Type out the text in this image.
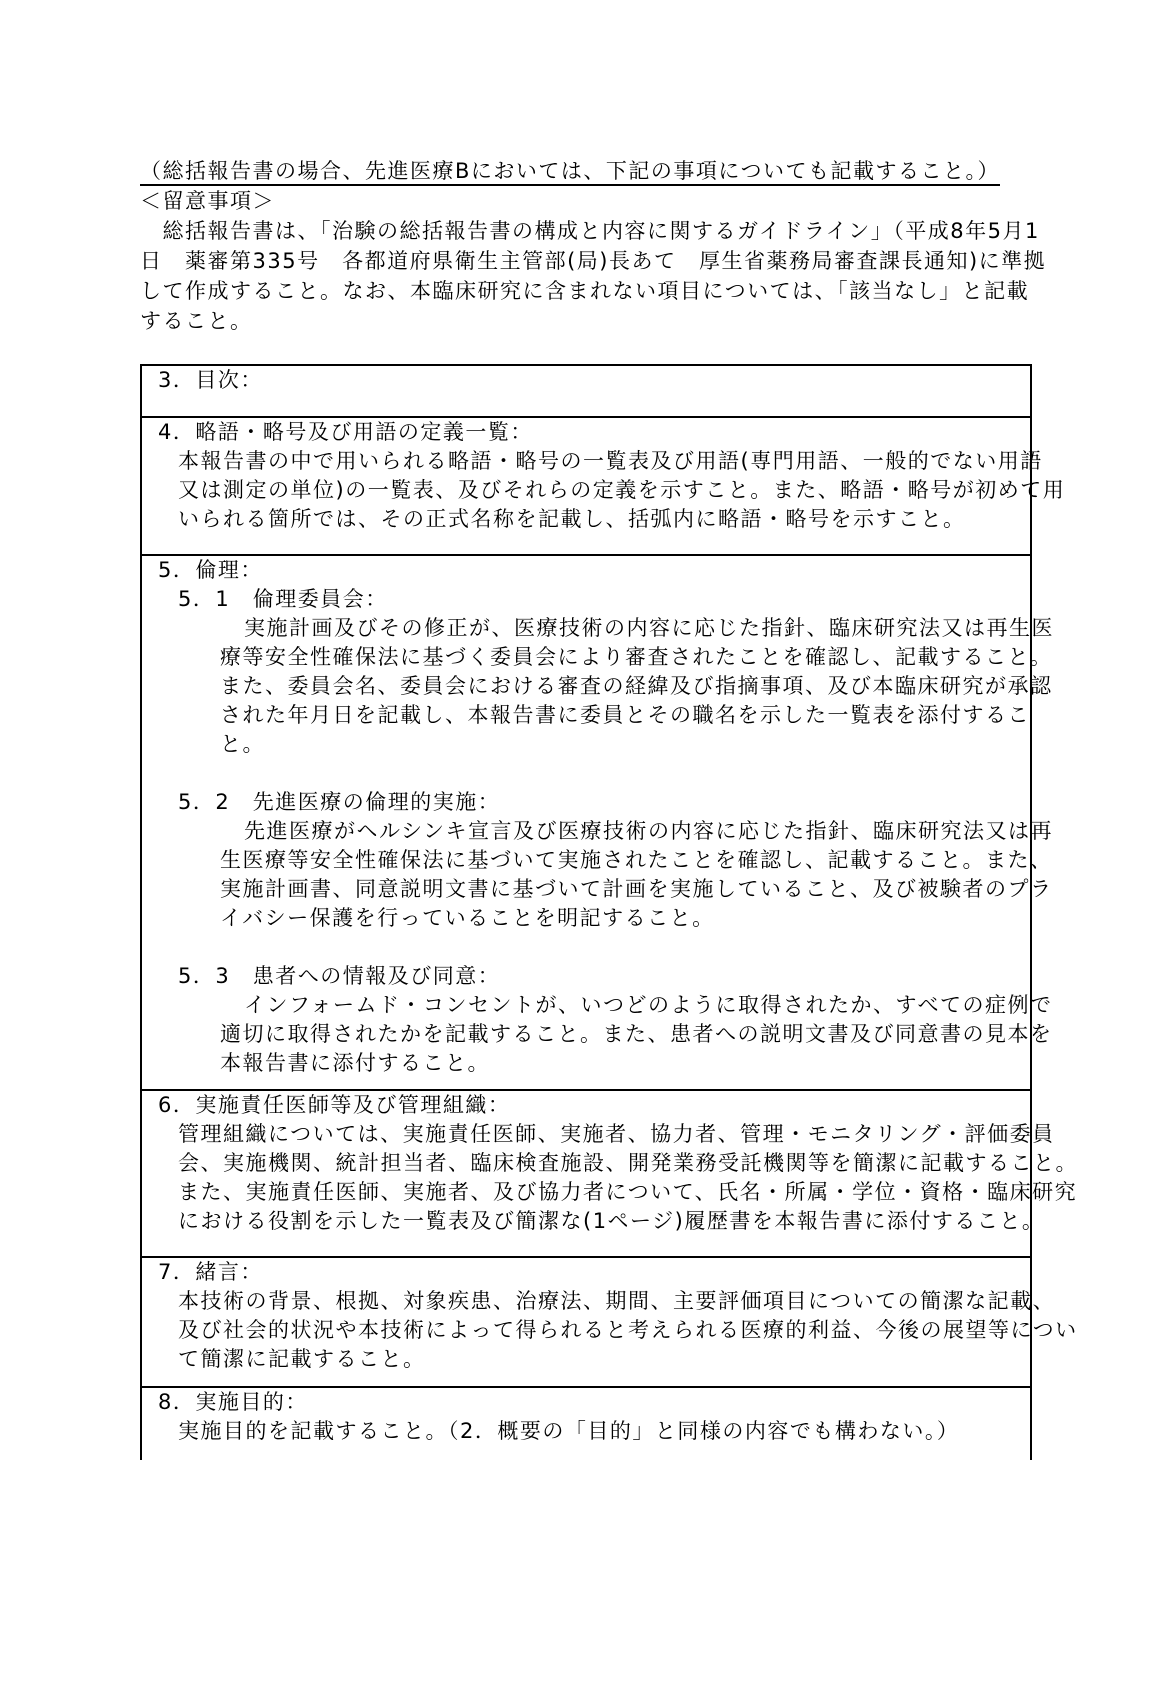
（総括報告書の場合、先進医療Bにおいては、下記の事項についても記載すること。）
＜留意事項＞
　総括報告書は、「治験の総括報告書の構成と内容に関するガイドライン」（平成8年5月1
日　薬審第335号　各都道府県衛生主管部(局)長あて　厚生省薬務局審査課長通知)に準拠
して作成すること。なお、本臨床研究に含まれない項目については、「該当なし」と記載
すること。
3．目次：
4．略語・略号及び用語の定義一覧：
本報告書の中で用いられる略語・略号の一覧表及び用語(専門用語、一般的でない用語
又は測定の単位)の一覧表、及びそれらの定義を示すこと。また、略語・略号が初めて用
いられる箇所では、その正式名称を記載し、括弧内に略語・略号を示すこと。
5．倫理：
5．1　倫理委員会：
実施計画及びその修正が、医療技術の内容に応じた指針、臨床研究法又は再生医
療等安全性確保法に基づく委員会により審査されたことを確認し、記載すること。
また、委員会名、委員会における審査の経緯及び指摘事項、及び本臨床研究が承認
された年月日を記載し、本報告書に委員とその職名を示した一覧表を添付するこ
と。
5．2　先進医療の倫理的実施：
先進医療がヘルシンキ宣言及び医療技術の内容に応じた指針、臨床研究法又は再
生医療等安全性確保法に基づいて実施されたことを確認し、記載すること。また、
実施計画書、同意説明文書に基づいて計画を実施していること、及び被験者のプラ
イバシー保護を行っていることを明記すること。
5．3　患者への情報及び同意：
インフォームド・コンセントが、いつどのように取得されたか、すべての症例で
適切に取得されたかを記載すること。また、患者への説明文書及び同意書の見本を
本報告書に添付すること。
6．実施責任医師等及び管理組織：
管理組織については、実施責任医師、実施者、協力者、管理・モニタリング・評価委員
会、実施機関、統計担当者、臨床検査施設、開発業務受託機関等を簡潔に記載すること。
また、実施責任医師、実施者、及び協力者について、氏名・所属・学位・資格・臨床研究
における役割を示した一覧表及び簡潔な(1ページ)履歴書を本報告書に添付すること。
7．緒言：
本技術の背景、根拠、対象疾患、治療法、期間、主要評価項目についての簡潔な記載、
及び社会的状況や本技術によって得られると考えられる医療的利益、今後の展望等につい
て簡潔に記載すること。
8．実施目的：
実施目的を記載すること。（2．概要の「目的」と同様の内容でも構わない。）
